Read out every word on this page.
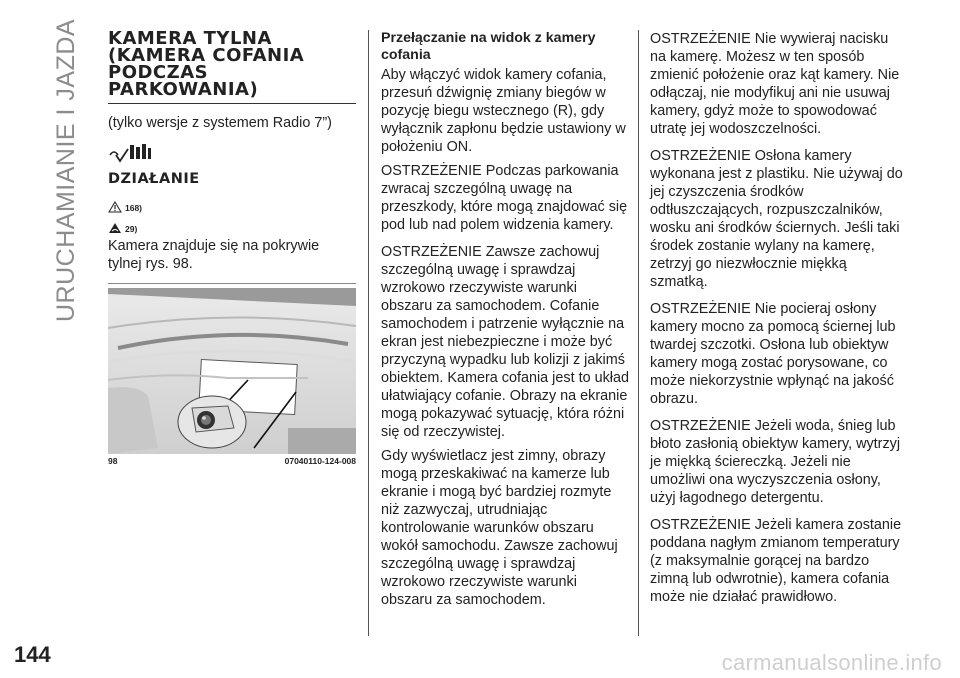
URUCHAMIANIE I JAZDA KAMERA TYLNA (KAMERA COFANIA PODCZAS PARKOWANIA)

(tylko wersje z systemem Radio 7”)

DZIAŁANIE
168)
29)

Kamera znajduje się na pokrywie tylnej rys. 98.

98	07040110-124-008
Przełączanie na widok z kamery cofania

Aby włączyć widok kamery cofania, przesuń dźwignię zmiany biegów w pozycję biegu wstecznego (R), gdy wyłącznik zapłonu będzie ustawiony w położeniu ON.

OSTRZEŻENIE Podczas parkowania zwracaj szczególną uwagę na przeszkody, które mogą znajdować się pod lub nad polem widzenia kamery.

OSTRZEŻENIE Zawsze zachowuj szczególną uwagę i sprawdzaj wzrokowo rzeczywiste warunki obszaru za samochodem. Cofanie samochodem i patrzenie wyłącznie na ekran jest niebezpieczne i może być przyczyną wypadku lub kolizji z jakimś obiektem. Kamera cofania jest to układ ułatwiający cofanie. Obrazy na ekranie mogą pokazywać sytuację, która różni się od rzeczywistej.

Gdy wyświetlacz jest zimny, obrazy mogą przeskakiwać na kamerze lub ekranie i mogą być bardziej rozmyte niż zazwyczaj, utrudniając kontrolowanie warunków obszaru wokół samochodu. Zawsze zachowuj szczególną uwagę i sprawdzaj wzrokowo rzeczywiste warunki obszaru za samochodem.

OSTRZEŻENIE Nie wywieraj nacisku na kamerę. Możesz w ten sposób zmienić położenie oraz kąt kamery. Nie odłączaj, nie modyfikuj ani nie usuwaj kamery, gdyż może to spowodować utratę jej wodoszczelności.

OSTRZEŻENIE Osłona kamery wykonana jest z plastiku. Nie używaj do jej czyszczenia środków odtłuszczających, rozpuszczalników, wosku ani środków ściernych. Jeśli taki środek zostanie wylany na kamerę, zetrzyj go niezwłocznie miękką szmatką.

OSTRZEŻENIE Nie pocieraj osłony kamery mocno za pomocą ściernej lub twardej szczotki. Osłona lub obiektyw kamery mogą zostać porysowane, co może niekorzystnie wpłynąć na jakość obrazu.

OSTRZEŻENIE Jeżeli woda, śnieg lub błoto zasłonią obiektyw kamery, wytrzyj je miękką ściereczką. Jeżeli nie umożliwi ona wyczyszczenia osłony, użyj łagodnego detergentu.

OSTRZEŻENIE Jeżeli kamera zostanie poddana nagłym zmianom temperatury (z maksymalnie gorącej na bardzo zimną lub odwrotnie), kamera cofania może nie działać prawidłowo.

144	carmanualsonline.info
